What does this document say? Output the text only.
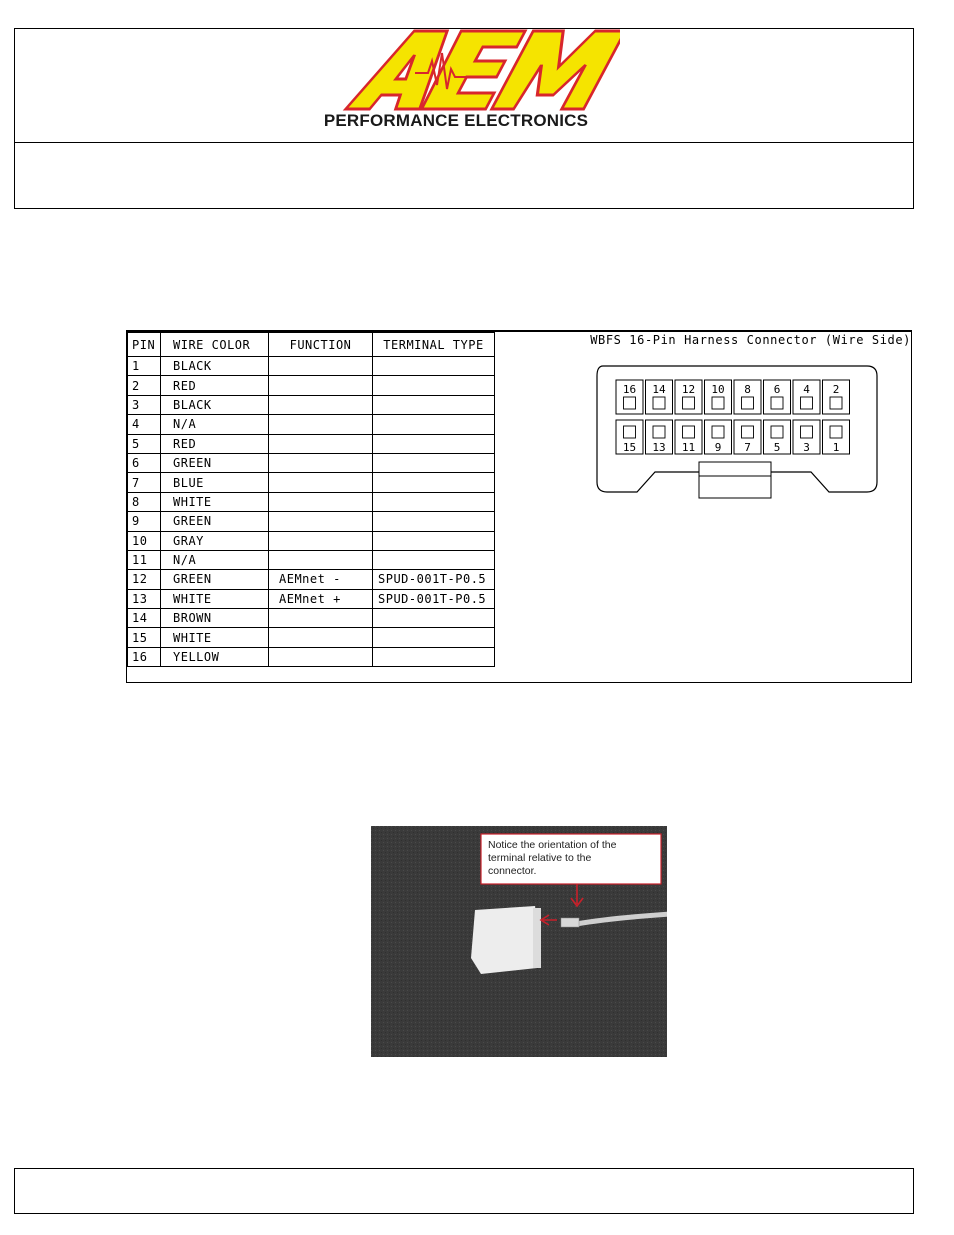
PERFORMANCE ELECTRONICS
PIN	WIRE COLOR	FUNCTION	TERMINAL TYPE
1	BLACK		
2	RED		
3	BLACK		
4	N/A		
5	RED		
6	GREEN		
7	BLUE		
8	WHITE		
9	GREEN		
10	GRAY		
11	N/A		
12	GREEN	AEMnet -	SPUD-001T-P0.5
13	WHITE	AEMnet +	SPUD-001T-P0.5
14	BROWN		
15	WHITE		
16	YELLOW		
WBFS 16-Pin Harness Connector (Wire Side)
16 14 12 10 8 6 4 2
15 13 11 9 7 5 3 1
Notice the orientation of the
terminal relative to the
connector.
